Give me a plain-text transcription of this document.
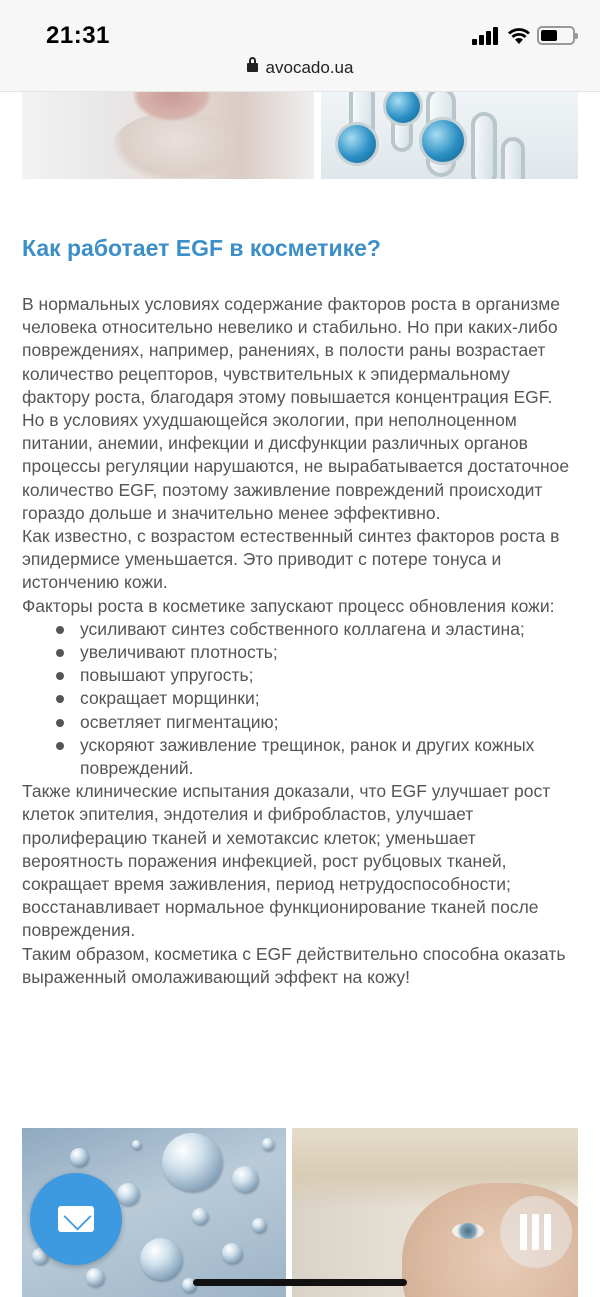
21:31
avocado.ua
Как работает EGF в косметике?

В нормальных условиях содержание факторов роста в организме человека относительно невелико и стабильно. Но при каких-либо повреждениях, например, ранениях, в полости раны возрастает количество рецепторов, чувствительных к эпидермальному фактору роста, благодаря этому повышается концентрация EGF. Но в условиях ухудшающейся экологии, при неполноценном питании, анемии, инфекции и дисфункции различных органов процессы регуляции нарушаются, не вырабатывается достаточное количество EGF, поэтому заживление повреждений происходит гораздо дольше и значительно менее эффективно.

Как известно, с возрастом естественный синтез факторов роста в эпидермисе уменьшается. Это приводит с потере тонуса и истончению кожи.

Факторы роста в косметике запускают процесс обновления кожи:

усиливают синтез собственного коллагена и эластина;
увеличивают плотность;
повышают упругость;
сокращает морщинки;
осветляет пигментацию;
ускоряют заживление трещинок, ранок и других кожных повреждений.

Также клинические испытания доказали, что EGF улучшает рост клеток эпителия, эндотелия и фибробластов, улучшает пролиферацию тканей и хемотаксис клеток; уменьшает вероятность поражения инфекцией, рост рубцовых тканей, сокращает время заживления, период нетрудоспособности; восстанавливает нормальное функционирование тканей после повреждения.

Таким образом, косметика с EGF действительно способна оказать выраженный омолаживающий эффект на кожу!
